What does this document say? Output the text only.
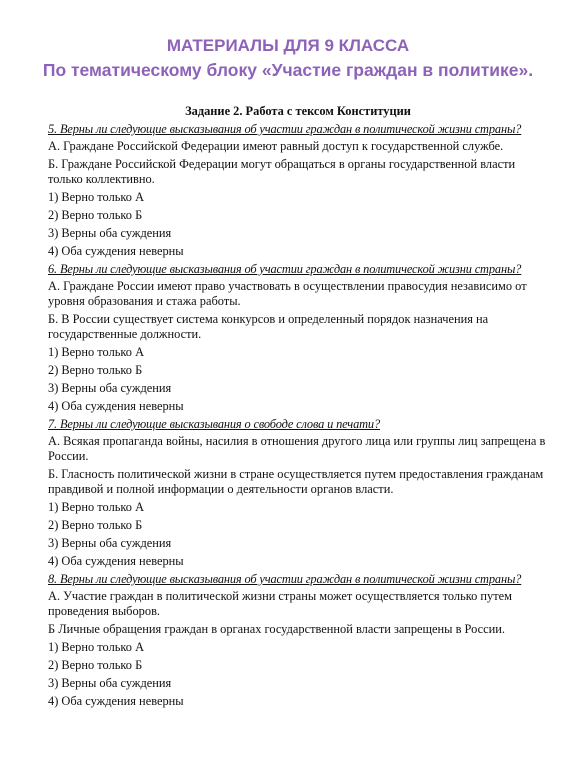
МАТЕРИАЛЫ ДЛЯ 9 КЛАССА
По тематическому блоку «Участие граждан в политике».
Задание 2. Работа с тексом Конституции
5. Верны ли следующие высказывания об участии граждан в политической жизни страны?
А. Граждане Российской Федерации имеют равный доступ к государственной службе.
Б. Граждане Российской Федерации могут обращаться в органы государственной власти только коллективно.
1) Верно только А
2) Верно только Б
3) Верны оба суждения
4) Оба суждения неверны
6. Верны ли следующие высказывания об участии граждан в политической жизни страны?
А. Граждане России имеют право участвовать в осуществлении правосудия независимо от уровня образования и стажа работы.
Б. В России существует система конкурсов и определенный порядок назначения на государственные должности.
1) Верно только А
2) Верно только Б
3) Верны оба суждения
4) Оба суждения неверны
7. Верны ли следующие высказывания о свободе слова и печати?
А. Всякая пропаганда войны, насилия в отношения другого лица или группы лиц запрещена в России.
Б. Гласность политической жизни в стране осуществляется путем предоставления гражданам правдивой и полной информации о деятельности органов власти.
1) Верно только А
2) Верно только Б
3) Верны оба суждения
4) Оба суждения неверны
8. Верны ли следующие высказывания об участии граждан в политической жизни страны?
А. Участие граждан в политической жизни страны может осуществляется только путем проведения выборов.
Б Личные обращения граждан в органах государственной власти запрещены в России.
1) Верно только А
2) Верно только Б
3) Верны оба суждения
4) Оба суждения неверны
